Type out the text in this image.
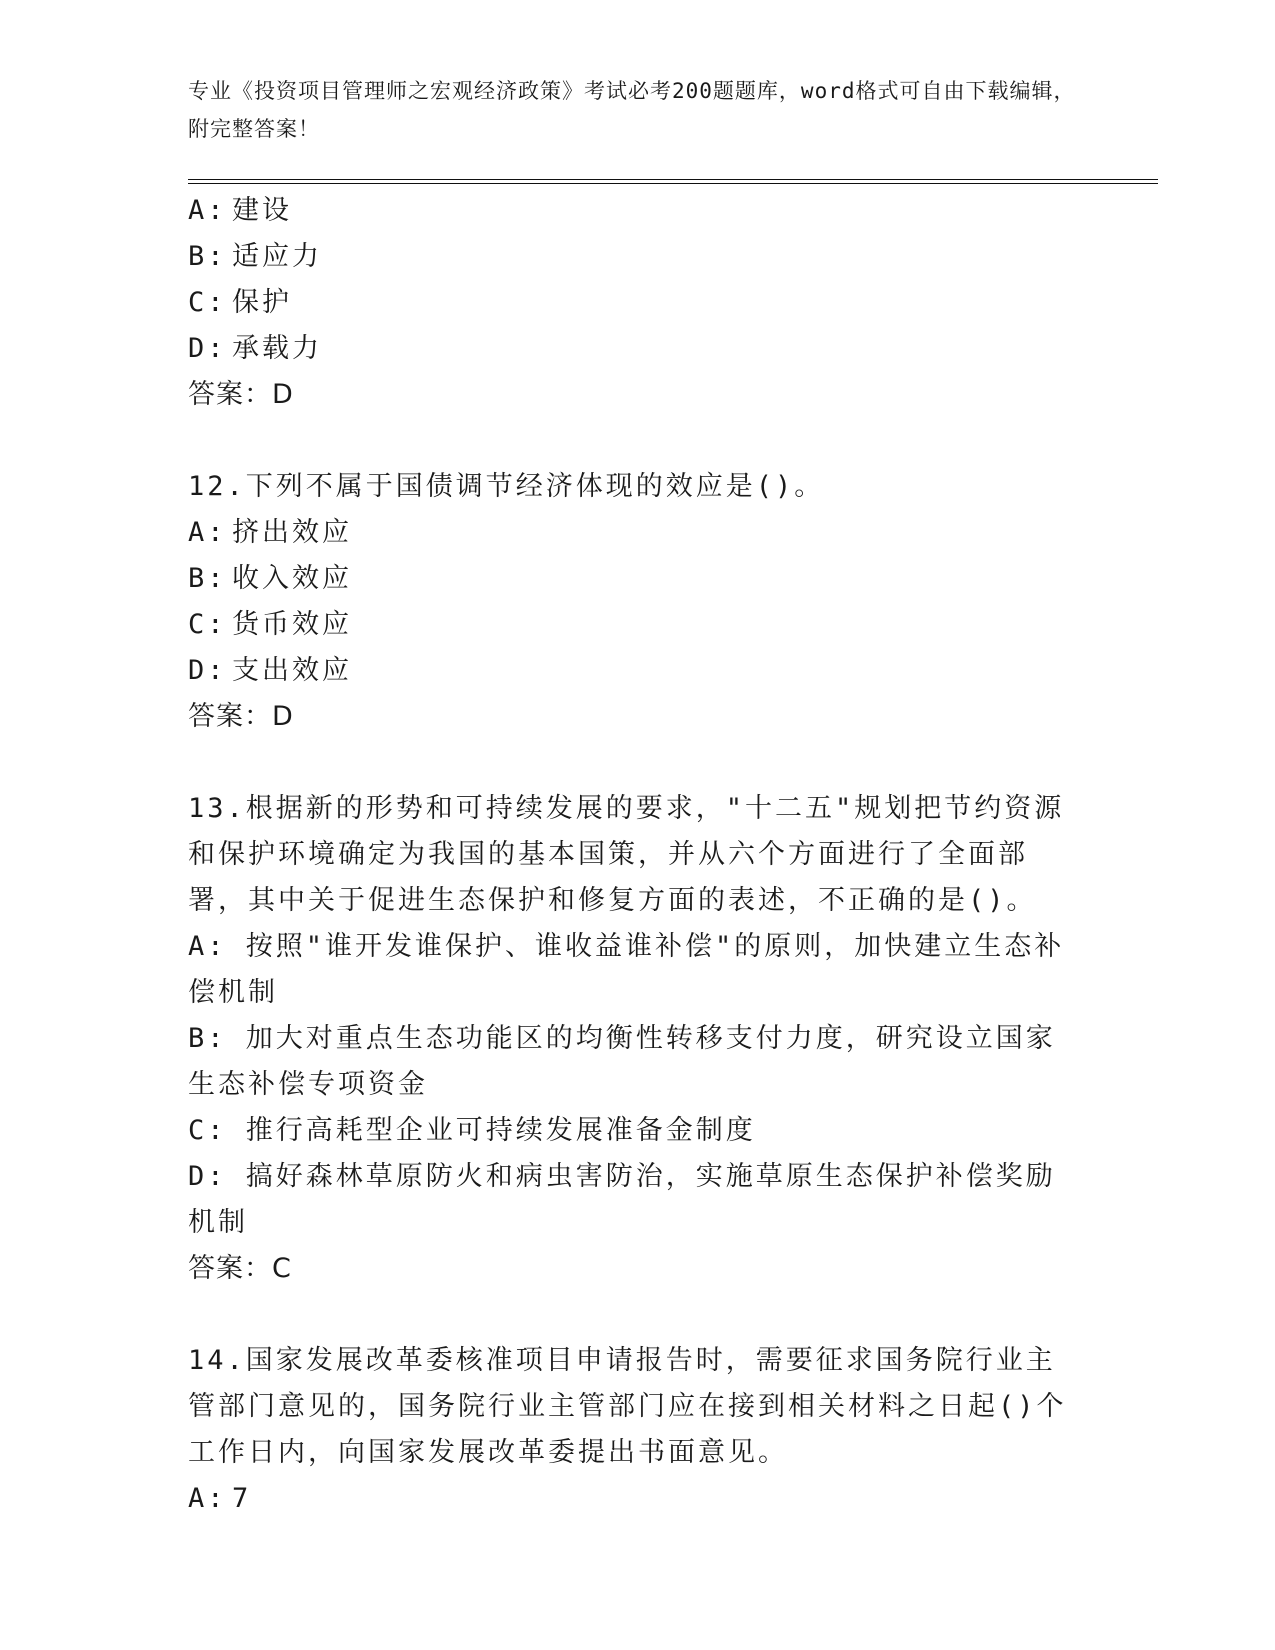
专业《投资项目管理师之宏观经济政策》考试必考200题题库，word格式可自由下载编辑，附完整答案！
A: 建设
B: 适应力
C: 保护
D: 承载力
答案：D
12.下列不属于国债调节经济体现的效应是()。
A: 挤出效应
B: 收入效应
C: 货币效应
D: 支出效应
答案：D
13.根据新的形势和可持续发展的要求，"十二五"规划把节约资源和保护环境确定为我国的基本国策，并从六个方面进行了全面部署，其中关于促进生态保护和修复方面的表述，不正确的是()。
A: 按照"谁开发谁保护、谁收益谁补偿"的原则，加快建立生态补偿机制
B: 加大对重点生态功能区的均衡性转移支付力度，研究设立国家生态补偿专项资金
C: 推行高耗型企业可持续发展准备金制度
D: 搞好森林草原防火和病虫害防治，实施草原生态保护补偿奖励机制
答案：C
14.国家发展改革委核准项目申请报告时，需要征求国务院行业主管部门意见的，国务院行业主管部门应在接到相关材料之日起()个工作日内，向国家发展改革委提出书面意见。
A: 7
